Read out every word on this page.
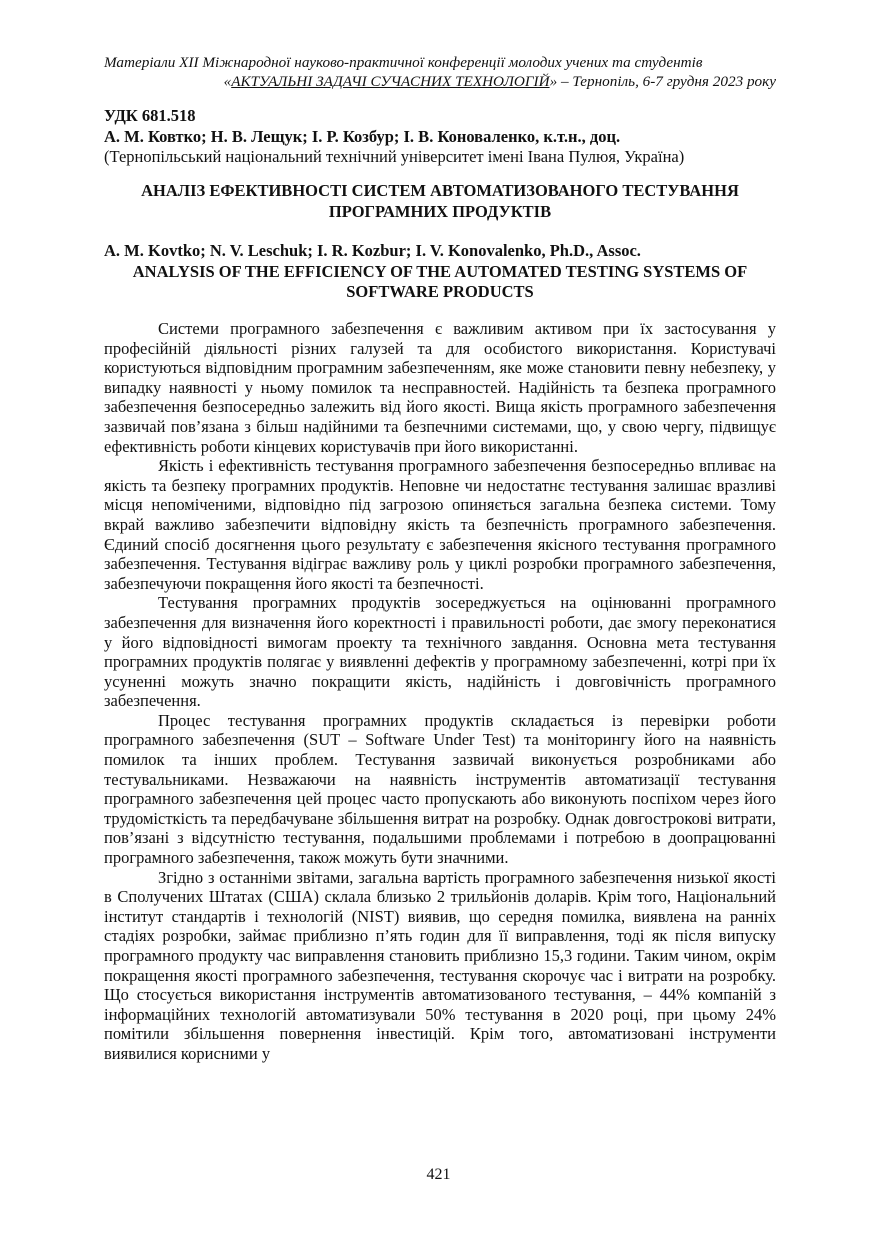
Матеріали XII Міжнародної науково-практичної конференції молодих учених та студентів
«АКТУАЛЬНІ ЗАДАЧІ СУЧАСНИХ ТЕХНОЛОГІЙ» – Тернопіль, 6-7 грудня 2023 року
УДК 681.518
А. М. Ковтко; Н. В. Лещук; І. Р. Козбур; І. В. Коноваленко, к.т.н., доц.
(Тернопільський національний технічний університет імені Івана Пулюя, Україна)
АНАЛІЗ ЕФЕКТИВНОСТІ СИСТЕМ АВТОМАТИЗОВАНОГО ТЕСТУВАННЯ ПРОГРАМНИХ ПРОДУКТІВ
A. M. Kovtko; N. V. Leschuk; I. R. Kozbur; I. V. Konovalenko, Ph.D., Assoc.
ANALYSIS OF THE EFFICIENCY OF THE AUTOMATED TESTING SYSTEMS OF SOFTWARE PRODUCTS

Системи програмного забезпечення є важливим активом при їх застосування у професійній діяльності різних галузей та для особистого використання. Користувачі користуються відповідним програмним забезпеченням, яке може становити певну небезпеку, у випадку наявності у ньому помилок та несправностей. Надійність та безпека програмного забезпечення безпосередньо залежить від його якості. Вища якість програмного забезпечення зазвичай пов’язана з більш надійними та безпечними системами, що, у свою чергу, підвищує ефективність роботи кінцевих користувачів при його використанні.

Якість і ефективність тестування програмного забезпечення безпосередньо впливає на якість та безпеку програмних продуктів. Неповне чи недостатнє тестування залишає вразливі місця непоміченими, відповідно під загрозою опиняється загальна безпека системи. Тому вкрай важливо забезпечити відповідну якість та безпечність програмного забезпечення. Єдиний спосіб досягнення цього результату є забезпечення якісного тестування програмного забезпечення. Тестування відіграє важливу роль у циклі розробки програмного забезпечення, забезпечуючи покращення його якості та безпечності.

Тестування програмних продуктів зосереджується на оцінюванні програмного забезпечення для визначення його коректності і правильності роботи, дає змогу переконатися у його відповідності вимогам проекту та технічного завдання. Основна мета тестування програмних продуктів полягає у виявленні дефектів у програмному забезпеченні, котрі при їх усуненні можуть значно покращити якість, надійність і довговічність програмного забезпечення.

Процес тестування програмних продуктів складається із перевірки роботи програмного забезпечення (SUT – Software Under Test) та моніторингу його на наявність помилок та інших проблем. Тестування зазвичай виконується розробниками або тестувальниками. Незважаючи на наявність інструментів автоматизації тестування програмного забезпечення цей процес часто пропускають або виконують поспіхом через його трудомісткість та передбачуване збільшення витрат на розробку. Однак довгострокові витрати, пов’язані з відсутністю тестування, подальшими проблемами і потребою в доопрацюванні програмного забезпечення, також можуть бути значними.

Згідно з останніми звітами, загальна вартість програмного забезпечення низької якості в Сполучених Штатах (США) склала близько 2 трильйонів доларів. Крім того, Національний інститут стандартів і технологій (NIST) виявив, що середня помилка, виявлена на ранніх стадіях розробки, займає приблизно п’ять годин для її виправлення, тоді як після випуску програмного продукту час виправлення становить приблизно 15,3 години. Таким чином, окрім покращення якості програмного забезпечення, тестування скорочує час і витрати на розробку. Що стосується використання інструментів автоматизованого тестування, – 44% компаній з інформаційних технологій автоматизували 50% тестування в 2020 році, при цьому 24% помітили збільшення повернення інвестицій. Крім того, автоматизовані інструменти виявилися корисними у

421
